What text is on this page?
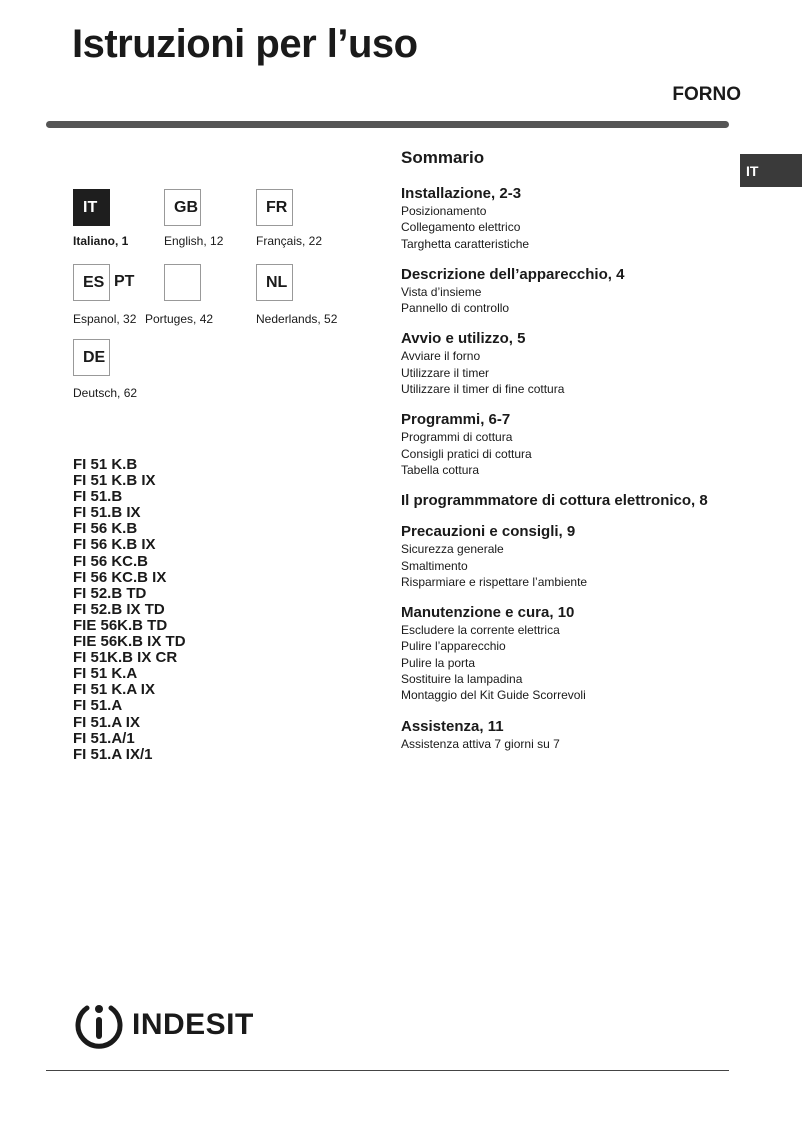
Istruzioni per l’uso
FORNO
IT
IT	GB	FR
Italiano, 1	English, 12	Français, 22
ES PT	NL
Espanol, 32 Portuges, 42	Nederlands, 52
DE
Deutsch, 62
FI 51 K.B
FI 51 K.B IX
FI 51.B
FI 51.B IX
FI 56 K.B
FI 56 K.B IX
FI 56 KC.B
FI 56 KC.B IX
FI 52.B TD
FI 52.B IX TD
FIE 56K.B TD
FIE 56K.B IX TD
FI 51K.B IX CR
FI 51 K.A
FI 51 K.A IX
FI 51.A
FI 51.A IX
FI 51.A/1
FI 51.A IX/1
Sommario
Installazione, 2-3
Posizionamento
Collegamento elettrico
Targhetta caratteristiche
Descrizione dell’apparecchio, 4
Vista d’insieme
Pannello di controllo
Avvio e utilizzo, 5
Avviare il forno
Utilizzare il timer
Utilizzare il timer di fine cottura
Programmi, 6-7
Programmi di cottura
Consigli pratici di cottura
Tabella cottura
Il programmmatore di cottura elettronico, 8
Precauzioni e consigli, 9
Sicurezza generale
Smaltimento
Risparmiare e rispettare l’ambiente
Manutenzione e cura, 10
Escludere la corrente elettrica
Pulire l’apparecchio
Pulire la porta
Sostituire la lampadina
Montaggio del Kit Guide Scorrevoli
Assistenza, 11
Assistenza attiva 7 giorni su 7
INDESIT
